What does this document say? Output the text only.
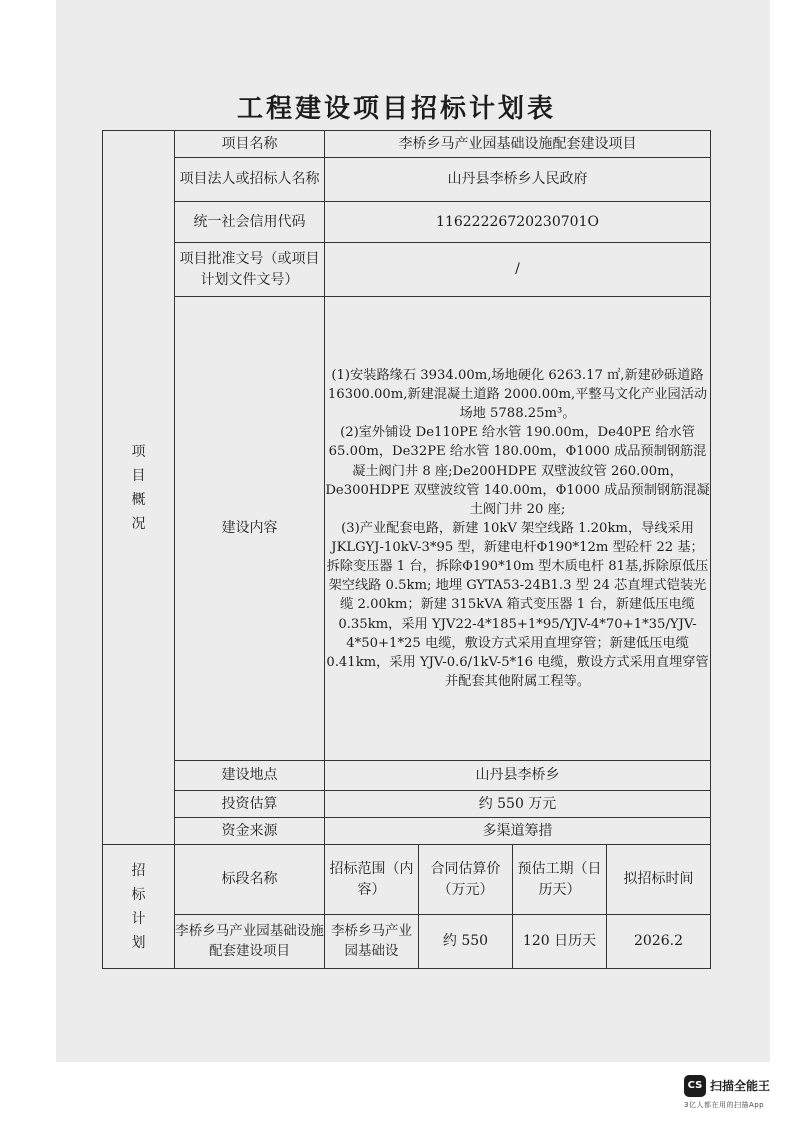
工程建设项目招标计划表
项
目
概
况	项目名称	李桥乡马产业园基础设施配套建设项目			
	项目法人或招标人名称	山丹县李桥乡人民政府			
	统一社会信用代码	11622226720230701O			
	项目批准文号（或项目计划文件文号）	/			
	建设内容	(1)安装路缘石 3934.00m,场地硬化 6263.17 ㎡,新建砂砾道路 16300.00m,新建混凝土道路 2000.00m,平整马文化产业园活动场地 5788.25m³。
(2)室外铺设 De110PE 给水管 190.00m，De40PE 给水管 65.00m，De32PE 给水管 180.00m，Φ1000 成品预制钢筋混凝土阀门井 8 座;De200HDPE 双壁波纹管 260.00m，De300HDPE 双壁波纹管 140.00m，Φ1000 成品预制钢筋混凝土阀门井 20 座;
(3)产业配套电路，新建 10kV 架空线路 1.20km，导线采用 JKLGYJ-10kV-3*95 型，新建电杆Φ190*12m 型砼杆 22 基；拆除变压器 1 台，拆除Φ190*10m 型木质电杆 81基,拆除原低压架空线路 0.5km; 地埋 GYTA53-24B1.3 型 24 芯直埋式铠装光缆 2.00km；新建 315kVA 箱式变压器 1 台，新建低压电缆 0.35km，采用 YJV22-4*185+1*95/YJV-4*70+1*35/YJV-4*50+1*25 电缆，敷设方式采用直埋穿管；新建低压电缆 0.41km，采用 YJV-0.6/1kV-5*16 电缆，敷设方式采用直埋穿管并配套其他附属工程等。			

	建设地点	山丹县李桥乡			
	投资估算	约 550 万元			
	资金来源	多渠道筹措			

招
标
计
划	标段名称	招标范围（内容）	合同估算价（万元）	预估工期（日历天）	拟招标时间
	李桥乡马产业园基础设施配套建设项目	李桥乡马产业园基础设	约 550	120 日历天	2026.2
CS 扫描全能王
3亿人都在用的扫描App
